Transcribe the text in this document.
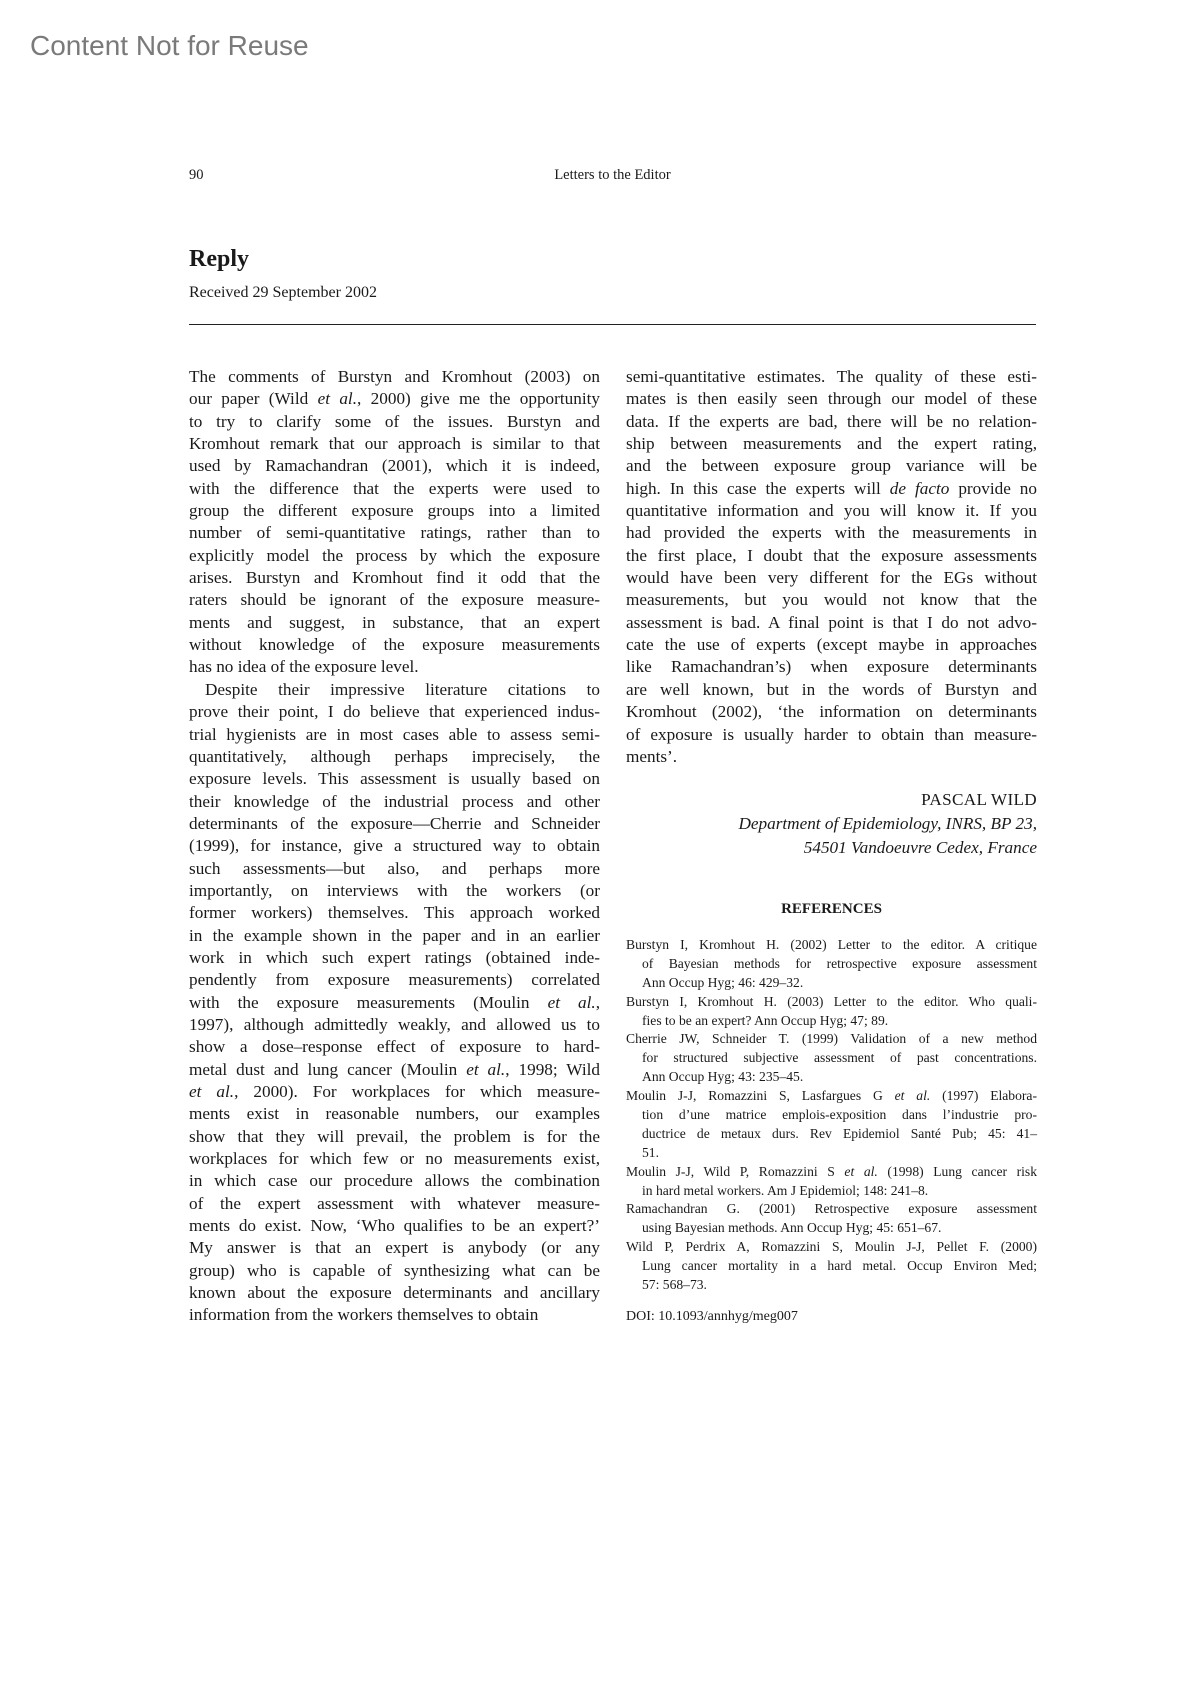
Content Not for Reuse
90	Letters to the Editor
Reply
Received 29 September 2002
The comments of Burstyn and Kromhout (2003) on
our paper (Wild et al., 2000) give me the opportunity
to try to clarify some of the issues. Burstyn and
Kromhout remark that our approach is similar to that
used by Ramachandran (2001), which it is indeed,
with the difference that the experts were used to
group the different exposure groups into a limited
number of semi-quantitative ratings, rather than to
explicitly model the process by which the exposure
arises. Burstyn and Kromhout find it odd that the
raters should be ignorant of the exposure measure-
ments and suggest, in substance, that an expert
without knowledge of the exposure measurements
has no idea of the exposure level.
Despite their impressive literature citations to
prove their point, I do believe that experienced indus-
trial hygienists are in most cases able to assess semi-
quantitatively, although perhaps imprecisely, the
exposure levels. This assessment is usually based on
their knowledge of the industrial process and other
determinants of the exposure—Cherrie and Schneider
(1999), for instance, give a structured way to obtain
such assessments—but also, and perhaps more
importantly, on interviews with the workers (or
former workers) themselves. This approach worked
in the example shown in the paper and in an earlier
work in which such expert ratings (obtained inde-
pendently from exposure measurements) correlated
with the exposure measurements (Moulin et al.,
1997), although admittedly weakly, and allowed us to
show a dose–response effect of exposure to hard-
metal dust and lung cancer (Moulin et al., 1998; Wild
et al., 2000). For workplaces for which measure-
ments exist in reasonable numbers, our examples
show that they will prevail, the problem is for the
workplaces for which few or no measurements exist,
in which case our procedure allows the combination
of the expert assessment with whatever measure-
ments do exist. Now, ‘Who qualifies to be an expert?’
My answer is that an expert is anybody (or any
group) who is capable of synthesizing what can be
known about the exposure determinants and ancillary
information from the workers themselves to obtain
semi-quantitative estimates. The quality of these esti-
mates is then easily seen through our model of these
data. If the experts are bad, there will be no relation-
ship between measurements and the expert rating,
and the between exposure group variance will be
high. In this case the experts will de facto provide no
quantitative information and you will know it. If you
had provided the experts with the measurements in
the first place, I doubt that the exposure assessments
would have been very different for the EGs without
measurements, but you would not know that the
assessment is bad. A final point is that I do not advo-
cate the use of experts (except maybe in approaches
like Ramachandran’s) when exposure determinants
are well known, but in the words of Burstyn and
Kromhout (2002), ‘the information on determinants
of exposure is usually harder to obtain than measure-
ments’.
PASCAL WILD
Department of Epidemiology, INRS, BP 23,
54501 Vandoeuvre Cedex, France
REFERENCES
Burstyn I, Kromhout H. (2002) Letter to the editor. A critique
of Bayesian methods for retrospective exposure assessment
Ann Occup Hyg; 46: 429–32.
Burstyn I, Kromhout H. (2003) Letter to the editor. Who quali-
fies to be an expert? Ann Occup Hyg; 47; 89.
Cherrie JW, Schneider T. (1999) Validation of a new method
for structured subjective assessment of past concentrations.
Ann Occup Hyg; 43: 235–45.
Moulin J-J, Romazzini S, Lasfargues G et al. (1997) Elabora-
tion d’une matrice emplois-exposition dans l’industrie pro-
ductrice de metaux durs. Rev Epidemiol Santé Pub; 45: 41–
51.
Moulin J-J, Wild P, Romazzini S et al. (1998) Lung cancer risk
in hard metal workers. Am J Epidemiol; 148: 241–8.
Ramachandran G. (2001) Retrospective exposure assessment
using Bayesian methods. Ann Occup Hyg; 45: 651–67.
Wild P, Perdrix A, Romazzini S, Moulin J-J, Pellet F. (2000)
Lung cancer mortality in a hard metal. Occup Environ Med;
57: 568–73.
DOI: 10.1093/annhyg/meg007
